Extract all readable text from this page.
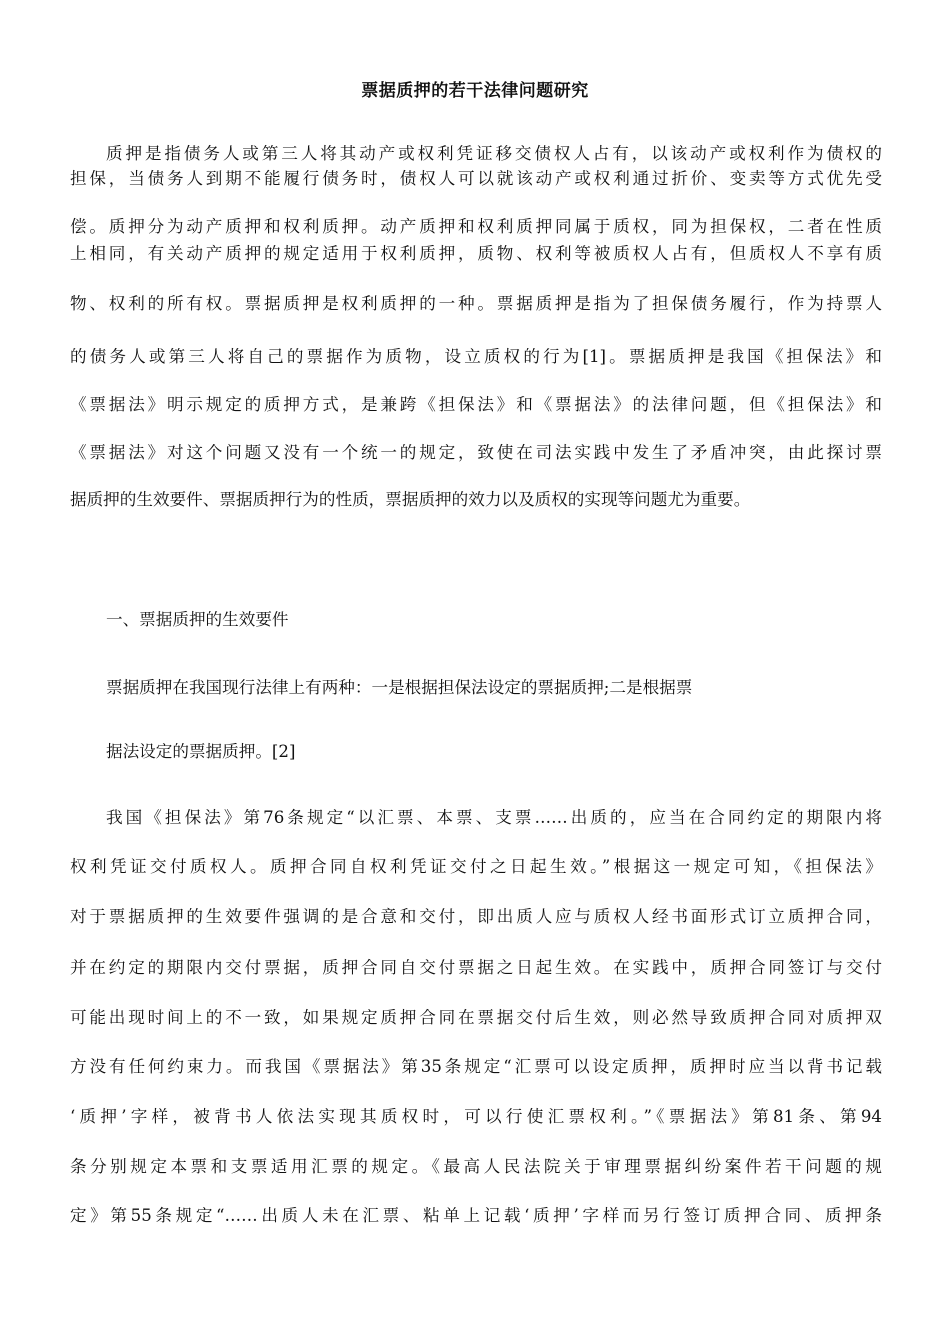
票据质押的若干法律问题研究
质押是指债务人或第三人将其动产或权利凭证移交债权人占有，以该动产或权利作为债权的
担保，当债务人到期不能履行债务时，债权人可以就该动产或权利通过折价、变卖等方式优先受
偿。质押分为动产质押和权利质押。动产质押和权利质押同属于质权，同为担保权，二者在性质
上相同，有关动产质押的规定适用于权利质押，质物、权利等被质权人占有，但质权人不享有质
物、权利的所有权。票据质押是权利质押的一种。票据质押是指为了担保债务履行，作为持票人
的债务人或第三人将自己的票据作为质物，设立质权的行为[1]。票据质押是我国《担保法》和
《票据法》明示规定的质押方式，是兼跨《担保法》和《票据法》的法律问题，但《担保法》和
《票据法》对这个问题又没有一个统一的规定，致使在司法实践中发生了矛盾冲突，由此探讨票
据质押的生效要件、票据质押行为的性质，票据质押的效力以及质权的实现等问题尤为重要。
一、票据质押的生效要件
票据质押在我国现行法律上有两种：一是根据担保法设定的票据质押;二是根据票
据法设定的票据质押。[2]
我国《担保法》第76条规定“以汇票、本票、支票……出质的，应当在合同约定的期限内将
权利凭证交付质权人。质押合同自权利凭证交付之日起生效。”根据这一规定可知，《担保法》
对于票据质押的生效要件强调的是合意和交付，即出质人应与质权人经书面形式订立质押合同，
并在约定的期限内交付票据，质押合同自交付票据之日起生效。在实践中，质押合同签订与交付
可能出现时间上的不一致，如果规定质押合同在票据交付后生效，则必然导致质押合同对质押双
方没有任何约束力。而我国《票据法》第35条规定“汇票可以设定质押，质押时应当以背书记载
‘质押’字样，被背书人依法实现其质权时，可以行使汇票权利。”《票据法》第81条、第94
条分别规定本票和支票适用汇票的规定。《最高人民法院关于审理票据纠纷案件若干问题的规
定》第55条规定“……出质人未在汇票、粘单上记载‘质押’字样而另行签订质押合同、质押条
